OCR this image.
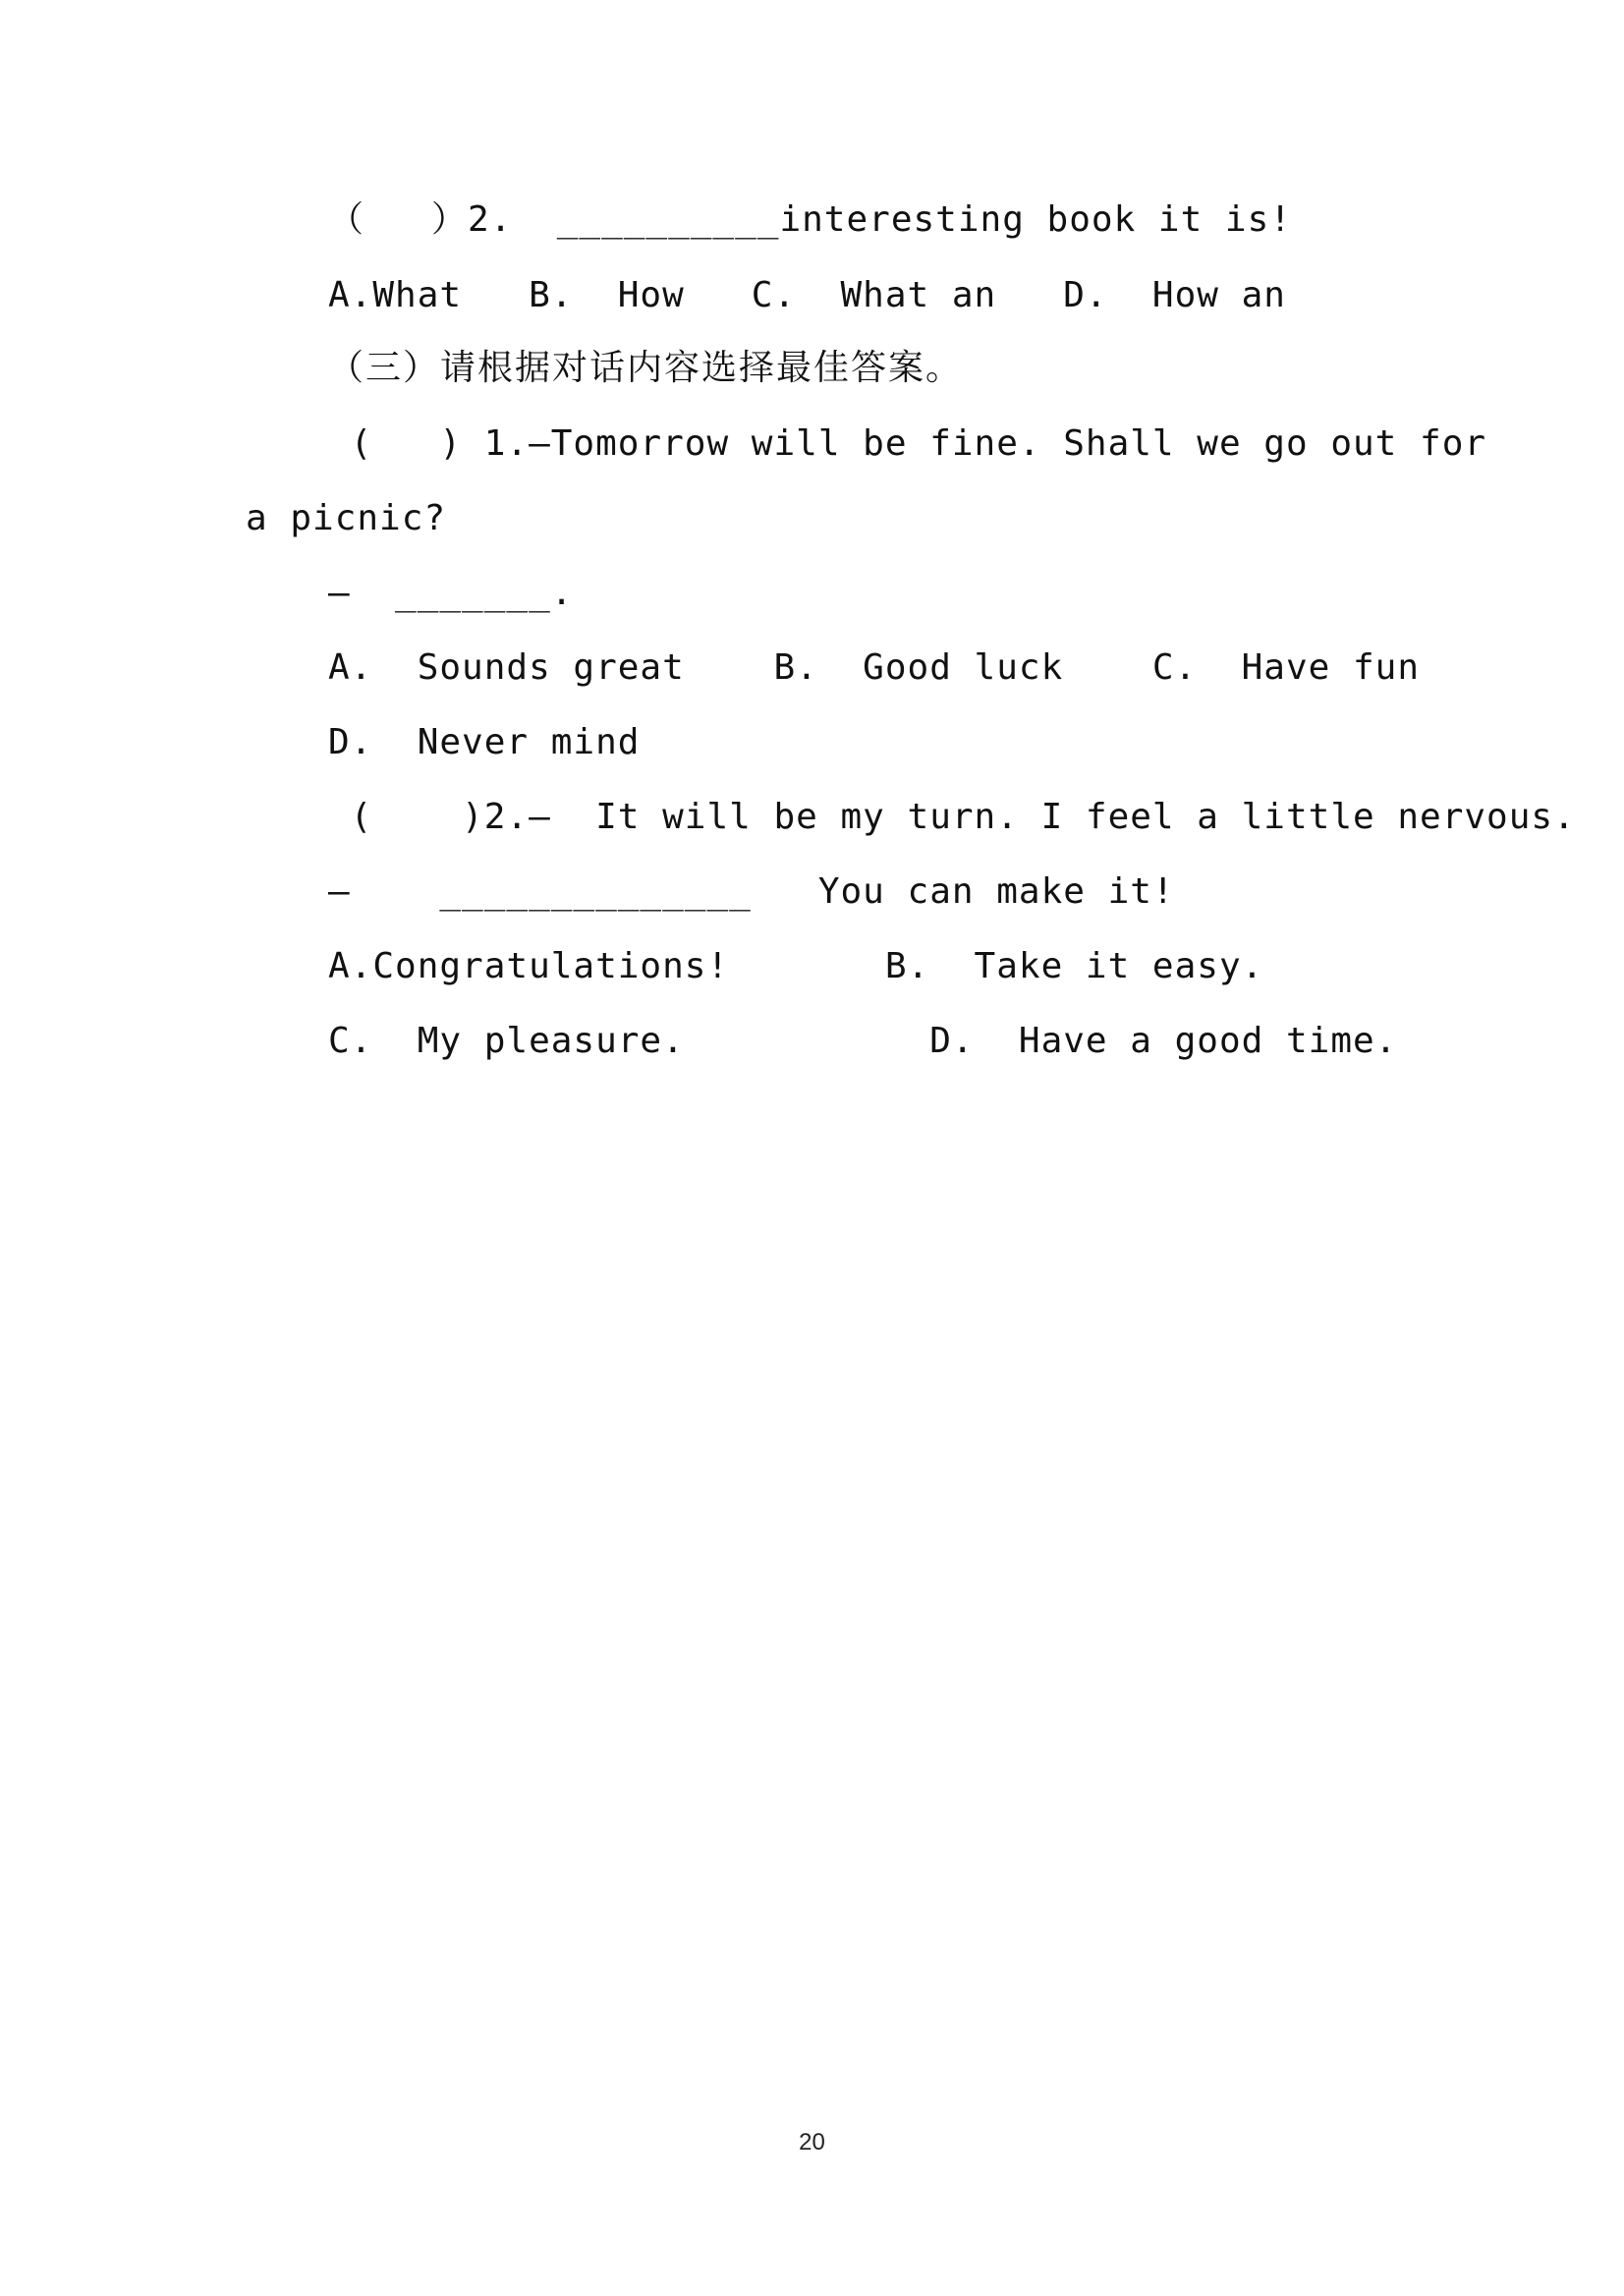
（   ）2.  __________interesting book it is!
A.What   B.  How   C.  What an   D.  How an
（三）请根据对话内容选择最佳答案。
(   ) 1.—Tomorrow will be fine. Shall we go out for
a picnic?
—  _______.
A.  Sounds great    B.  Good luck    C.  Have fun
D.  Never mind
(    )2.—  It will be my turn. I feel a little nervous.
—    ______________   You can make it!
A.Congratulations!       B.  Take it easy.
C.  My pleasure.           D.  Have a good time.
20
